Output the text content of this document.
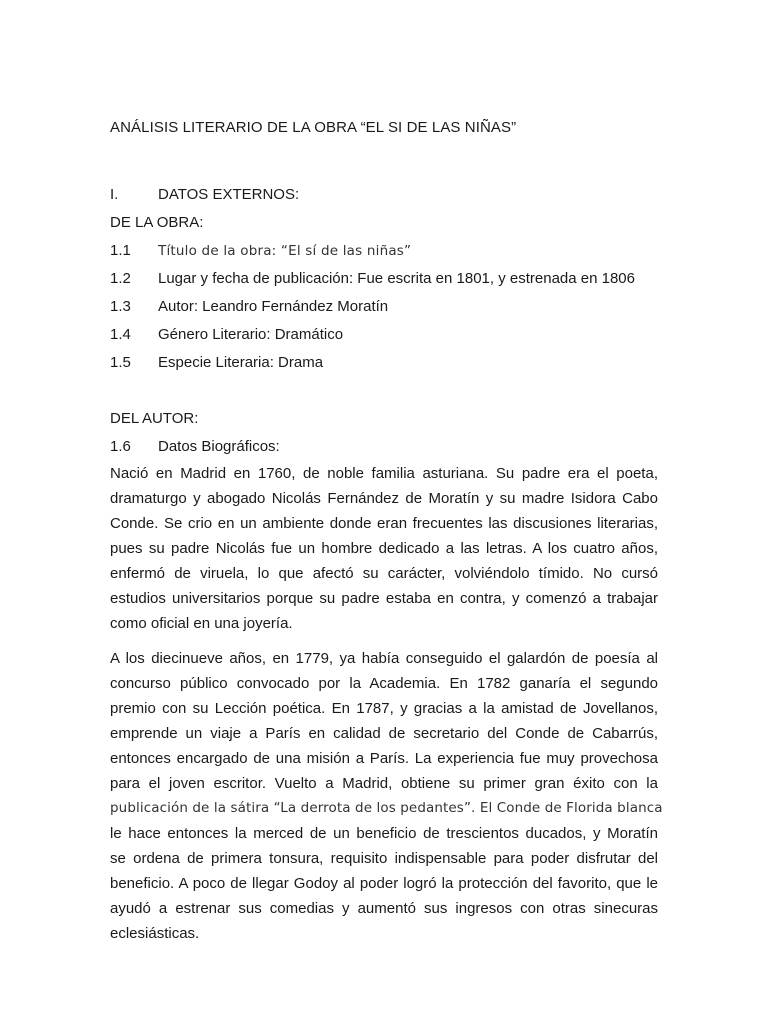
ANÁLISIS LITERARIO DE LA OBRA “EL SI DE LAS NIÑAS”
I.	DATOS EXTERNOS:
DE LA OBRA:
1.1 Título de la obra: “El sí de las niñas”
1.2 Lugar y fecha de publicación: Fue escrita en 1801, y estrenada en 1806
1.3 Autor: Leandro Fernández Moratín
1.4 Género Literario: Dramático
1.5 Especie Literaria: Drama
DEL AUTOR:
1.6 Datos Biográficos:
Nació en Madrid en 1760, de noble familia asturiana. Su padre era el poeta,
dramaturgo y abogado Nicolás Fernández de Moratín y su madre Isidora Cabo
Conde. Se crio en un ambiente donde eran frecuentes las discusiones literarias,
pues su padre Nicolás fue un hombre dedicado a las letras. A los cuatro años,
enfermó de viruela, lo que afectó su carácter, volviéndolo tímido. No cursó
estudios universitarios porque su padre estaba en contra, y comenzó a trabajar
como oficial en una joyería.
A los diecinueve años, en 1779, ya había conseguido el galardón de poesía al
concurso público convocado por la Academia. En 1782 ganaría el segundo
premio con su Lección poética. En 1787, y gracias a la amistad de Jovellanos,
emprende un viaje a París en calidad de secretario del Conde de Cabarrús,
entonces encargado de una misión a París. La experiencia fue muy provechosa
para el joven escritor. Vuelto a Madrid, obtiene su primer gran éxito con la
publicación de la sátira “La derrota de los pedantes”. El Conde de Florida blanca
le hace entonces la merced de un beneficio de trescientos ducados, y Moratín
se ordena de primera tonsura, requisito indispensable para poder disfrutar del
beneficio. A poco de llegar Godoy al poder logró la protección del favorito, que le
ayudó a estrenar sus comedias y aumentó sus ingresos con otras sinecuras
eclesiásticas.
